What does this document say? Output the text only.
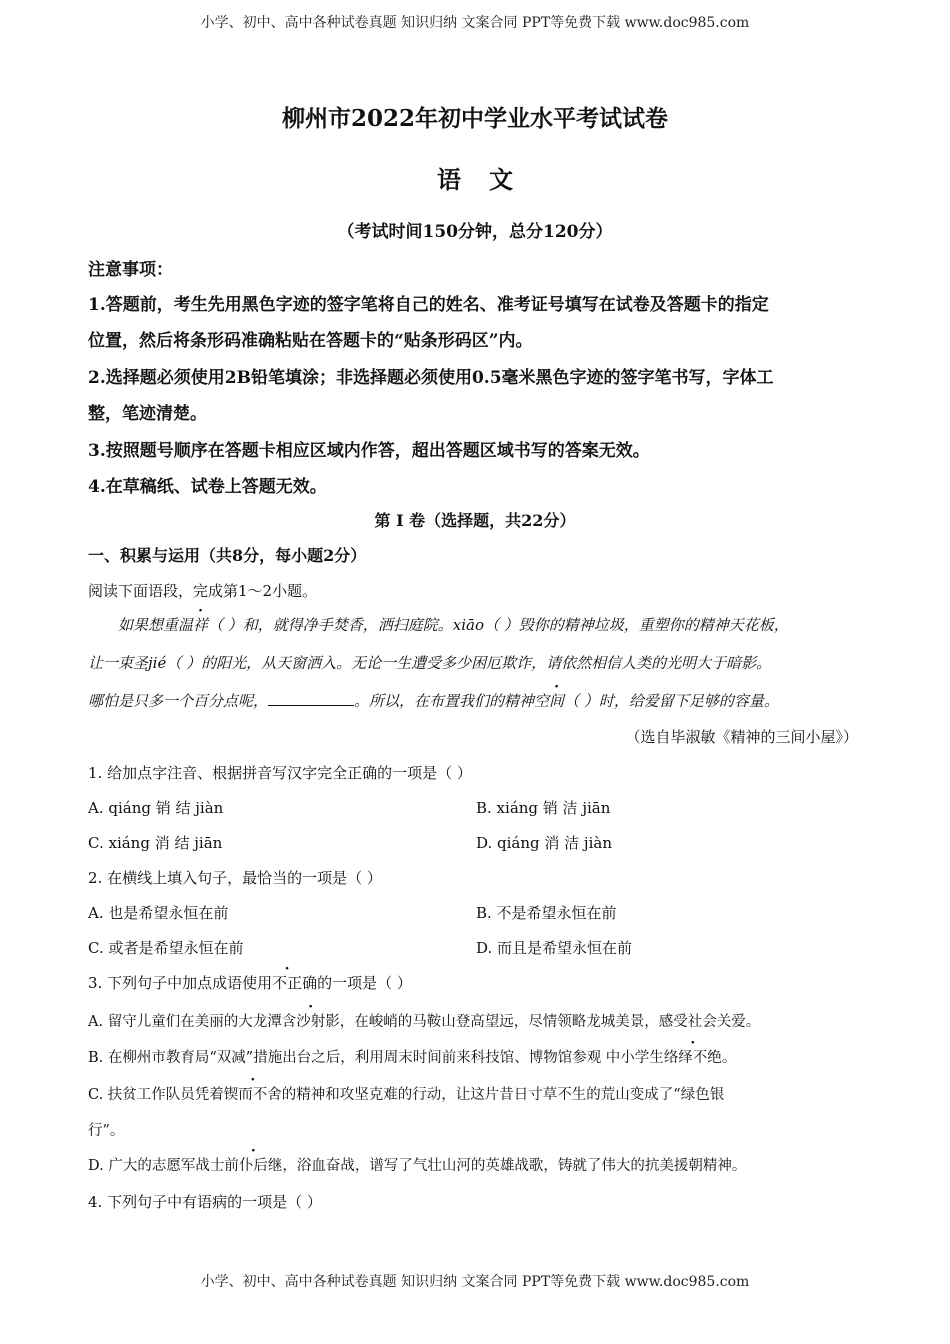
小学、初中、高中各种试卷真题 知识归纳 文案合同 PPT等免费下载 www.doc985.com
柳州市2022年初中学业水平考试试卷
语文
（考试时间150分钟，总分120分）
注意事项：
1.答题前，考生先用黑色字迹的签字笔将自己的姓名、准考证号填写在试卷及答题卡的指定
位置，然后将条形码准确粘贴在答题卡的“贴条形码区”内。
2.选择题必须使用2B铅笔填涂；非选择题必须使用0.5毫米黑色字迹的签字笔书写，字体工
整，笔迹清楚。
3.按照题号顺序在答题卡相应区域内作答，超出答题区域书写的答案无效。
4.在草稿纸、试卷上答题无效。
第 Ⅰ 卷（选择题，共22分）
一、积累与运用（共8分，每小题2分）
阅读下面语段，完成第1～2小题。
如果想重温祥（ ）和，就得净手焚香，洒扫庭院。xiāo（ ）毁你的精神垃圾，重塑你的精神天花板，
让一束圣jié（ ）的阳光，从天窗洒入。无论一生遭受多少困厄欺诈，请依然相信人类的光明大于暗影。
哪怕是只多一个百分点呢，	。所以，在布置我们的精神空间（ ）时，给爱留下足够的容量。
（选自毕淑敏《精神的三间小屋》）
1. 给加点字注音、根据拼音写汉字完全正确的一项是（ ）
A. qiáng 销 结 jiàn	B. xiáng 销 洁 jiān
C. xiáng 消 结 jiān	D. qiáng 消 洁 jiàn
2. 在横线上填入句子，最恰当的一项是（ ）
A. 也是希望永恒在前	B. 不是希望永恒在前
C. 或者是希望永恒在前	D. 而且是希望永恒在前
3. 下列句子中加点成语使用不正确的一项是（ ）
A. 留守儿童们在美丽的大龙潭含沙射影，在峻峭的马鞍山登高望远，尽情领略龙城美景，感受社会关爱。
B. 在柳州市教育局“双减”措施出台之后，利用周末时间前来科技馆、博物馆参观 中小学生络绎不绝。
C. 扶贫工作队员凭着锲而不舍的精神和攻坚克难的行动，让这片昔日寸草不生的荒山变成了“绿色银
行”。
D. 广大的志愿军战士前仆后继，浴血奋战，谱写了气壮山河的英雄战歌，铸就了伟大的抗美援朝精神。
4. 下列句子中有语病的一项是（ ）
小学、初中、高中各种试卷真题 知识归纳 文案合同 PPT等免费下载 www.doc985.com
